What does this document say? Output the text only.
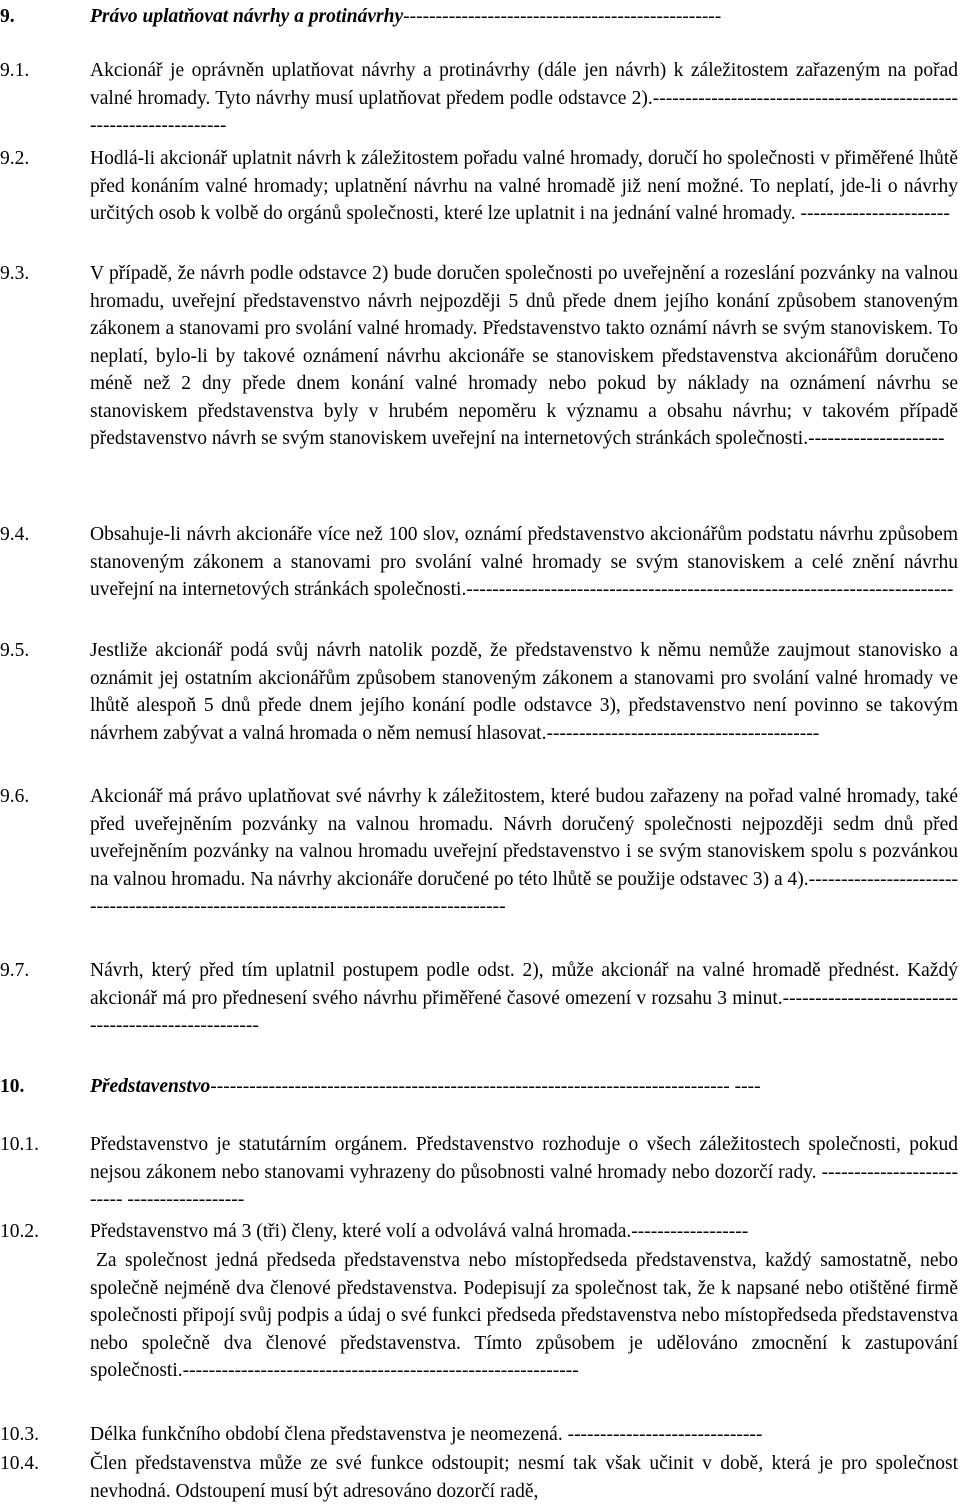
9.	Právo uplatňovat návrhy a protinávrhy-------------------------------------------------
9.1.	Akcionář je oprávněn uplatňovat návrhy a protinávrhy (dále jen návrh) k záležitostem zařazeným na pořad valné hromady. Tyto návrhy musí uplatňovat předem podle odstavce 2).--------------------------------------------------------------------
9.2.	Hodlá-li akcionář uplatnit návrh k záležitostem pořadu valné hromady, doručí ho společnosti v přiměřené lhůtě před konáním valné hromady; uplatnění návrhu na valné hromadě již není možné. To neplatí, jde-li o návrhy určitých osob k volbě do orgánů společnosti, které lze uplatnit i na jednání valné hromady. -----------------------
9.3.	V případě, že návrh podle odstavce 2) bude doručen společnosti po uveřejnění a rozeslání pozvánky na valnou hromadu, uveřejní představenstvo návrh nejpozději 5 dnů přede dnem jejího konání způsobem stanoveným zákonem a stanovami pro svolání valné hromady. Představenstvo takto oznámí návrh se svým stanoviskem. To neplatí, bylo-li by takové oznámení návrhu akcionáře se stanoviskem představenstva akcionářům doručeno méně než 2 dny přede dnem konání valné hromady nebo pokud by náklady na oznámení návrhu se stanoviskem představenstva byly v hrubém nepoměru k významu a obsahu návrhu; v takovém případě představenstvo návrh se svým stanoviskem uveřejní na internetových stránkách společnosti.---------------------
9.4.	Obsahuje-li návrh akcionáře více než 100 slov, oznámí představenstvo akcionářům podstatu návrhu způsobem stanoveným zákonem a stanovami pro svolání valné hromady se svým stanoviskem a celé znění návrhu uveřejní na internetových stránkách společnosti.---------------------------------------------------------------------------
9.5.	Jestliže akcionář podá svůj návrh natolik pozdě, že představenstvo k němu nemůže zaujmout stanovisko a oznámit jej ostatním akcionářům způsobem stanoveným zákonem a stanovami pro svolání valné hromady ve lhůtě alespoň 5 dnů přede dnem jejího konání podle odstavce 3), představenstvo není povinno se takovým návrhem zabývat a valná hromada o něm nemusí hlasovat.------------------------------------------
9.6.	Akcionář má právo uplatňovat své návrhy k záležitostem, které budou zařazeny na pořad valné hromady, také před uveřejněním pozvánky na valnou hromadu. Návrh doručený společnosti nejpozději sedm dnů před uveřejněním pozvánky na valnou hromadu uveřejní představenstvo i se svým stanoviskem spolu s pozvánkou na valnou hromadu. Na návrhy akcionáře doručené po této lhůtě se použije odstavec 3) a 4).---------------------------------------------------------------------------------------
9.7.	Návrh, který před tím uplatnil postupem podle odst. 2), může akcionář na valné hromadě přednést. Každý akcionář má pro přednesení svého návrhu přiměřené časové omezení v rozsahu 3 minut.-----------------------------------------------------
10.	Představenstvo-------------------------------------------------------------------------------- ----
10.1.	Představenstvo je statutárním orgánem. Představenstvo rozhoduje o všech záležitostech společnosti, pokud nejsou zákonem nebo stanovami vyhrazeny do působnosti valné hromady nebo dozorčí rady. -------------------------- ------------------
10.2.	Představenstvo má 3 (tři) členy, které volí a odvolává valná hromada.------------------
Za společnost jedná předseda představenstva nebo místopředseda představenstva, každý samostatně, nebo společně nejméně dva členové představenstva. Podepisují za společnost tak, že k napsané nebo otištěné firmě společnosti připojí svůj podpis a údaj o své funkci předseda představenstva nebo místopředseda představenstva nebo společně dva členové představenstva. Tímto způsobem je udělováno zmocnění k zastupování společnosti.-------------------------------------------------------------
10.3.	Délka funkčního období člena představenstva je neomezená. ------------------------------
10.4.	Člen představenstva může ze své funkce odstoupit; nesmí tak však učinit v době, která je pro společnost nevhodná. Odstoupení musí být adresováno dozorčí radě,
